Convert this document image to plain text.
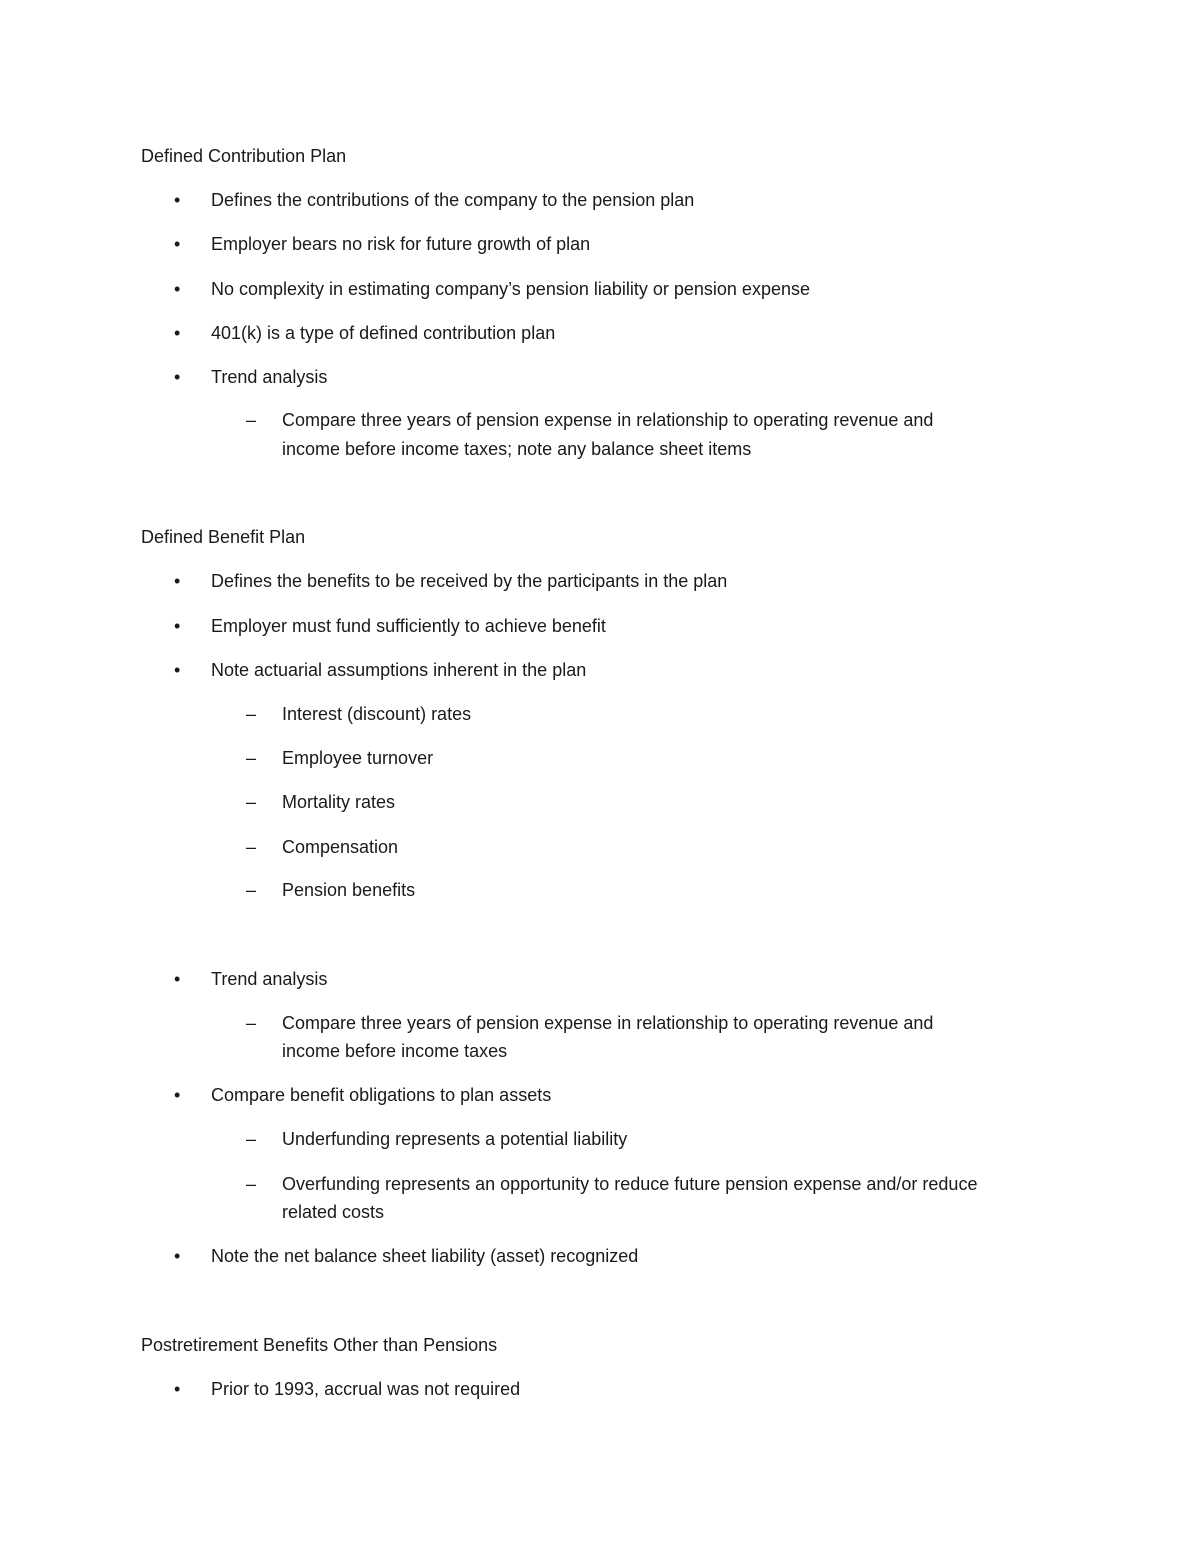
Defined Contribution Plan
• Defines the contributions of the company to the pension plan
• Employer bears no risk for future growth of plan
• No complexity in estimating company’s pension liability or pension expense
• 401(k) is a type of defined contribution plan
• Trend analysis
– Compare three years of pension expense in relationship to operating revenue and
income before income taxes; note any balance sheet items
Defined Benefit Plan
• Defines the benefits to be received by the participants in the plan
• Employer must fund sufficiently to achieve benefit
• Note actuarial assumptions inherent in the plan
– Interest (discount) rates
– Employee turnover
– Mortality rates
– Compensation
– Pension benefits
• Trend analysis
– Compare three years of pension expense in relationship to operating revenue and
income before income taxes
• Compare benefit obligations to plan assets
– Underfunding represents a potential liability
– Overfunding represents an opportunity to reduce future pension expense and/or reduce
related costs
• Note the net balance sheet liability (asset) recognized
Postretirement Benefits Other than Pensions
• Prior to 1993, accrual was not required
